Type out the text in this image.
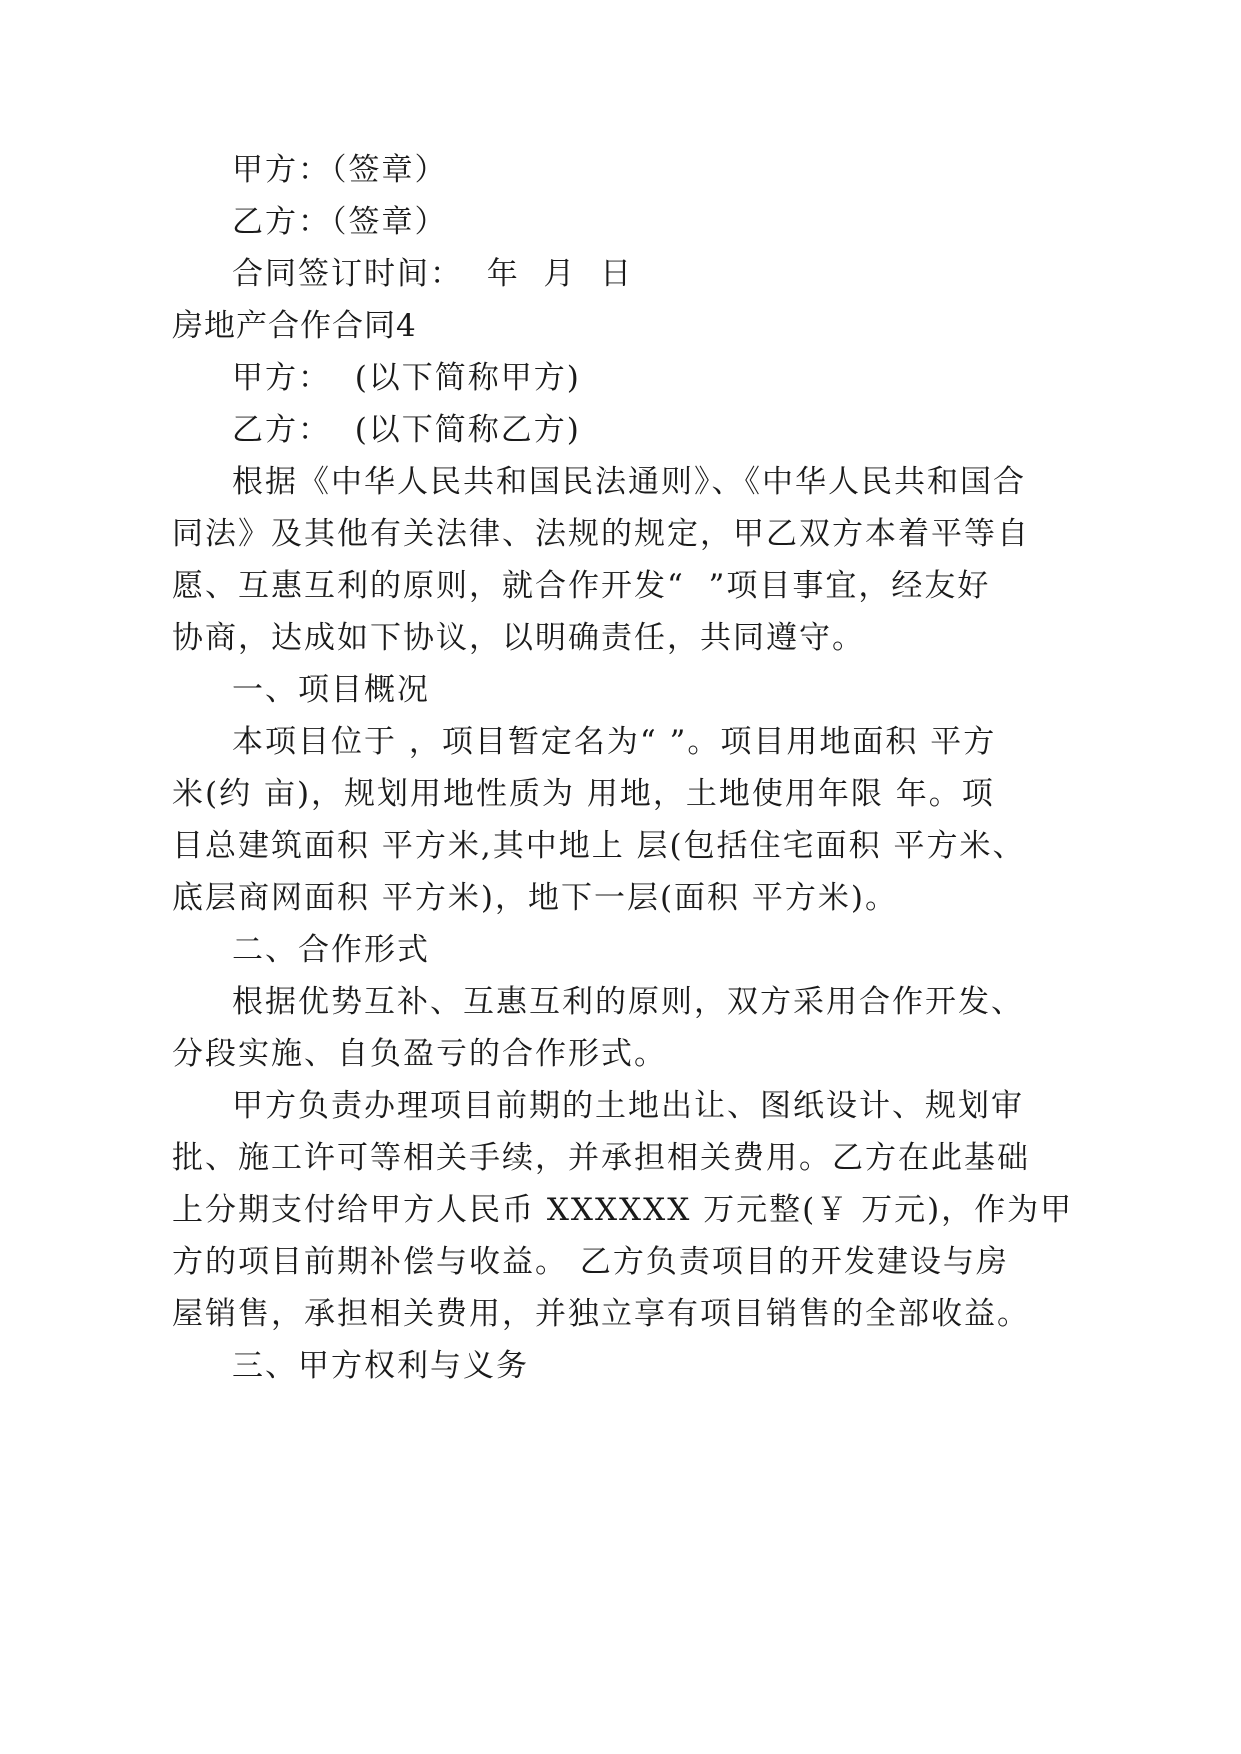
甲方：（签章）
乙方：（签章）
合同签订时间：  年  月  日
房地产合作合同4
甲方：  (以下简称甲方)
乙方：  (以下简称乙方)
根据《中华人民共和国民法通则》、《中华人民共和国合
同法》及其他有关法律、法规的规定，甲乙双方本着平等自
愿、互惠互利的原则，就合作开发“  ”项目事宜，经友好
协商，达成如下协议，以明确责任，共同遵守。
一、项目概况
本项目位于 ，项目暂定名为“ ”。项目用地面积 平方
米(约 亩)，规划用地性质为 用地，土地使用年限 年。项
目总建筑面积 平方米,其中地上 层(包括住宅面积 平方米、
底层商网面积 平方米)，地下一层(面积 平方米)。
二、合作形式
根据优势互补、互惠互利的原则，双方采用合作开发、
分段实施、自负盈亏的合作形式。
甲方负责办理项目前期的土地出让、图纸设计、规划审
批、施工许可等相关手续，并承担相关费用。乙方在此基础
上分期支付给甲方人民币 XXXXXX 万元整(￥ 万元)，作为甲
方的项目前期补偿与收益。 乙方负责项目的开发建设与房
屋销售，承担相关费用，并独立享有项目销售的全部收益。
三、甲方权利与义务
